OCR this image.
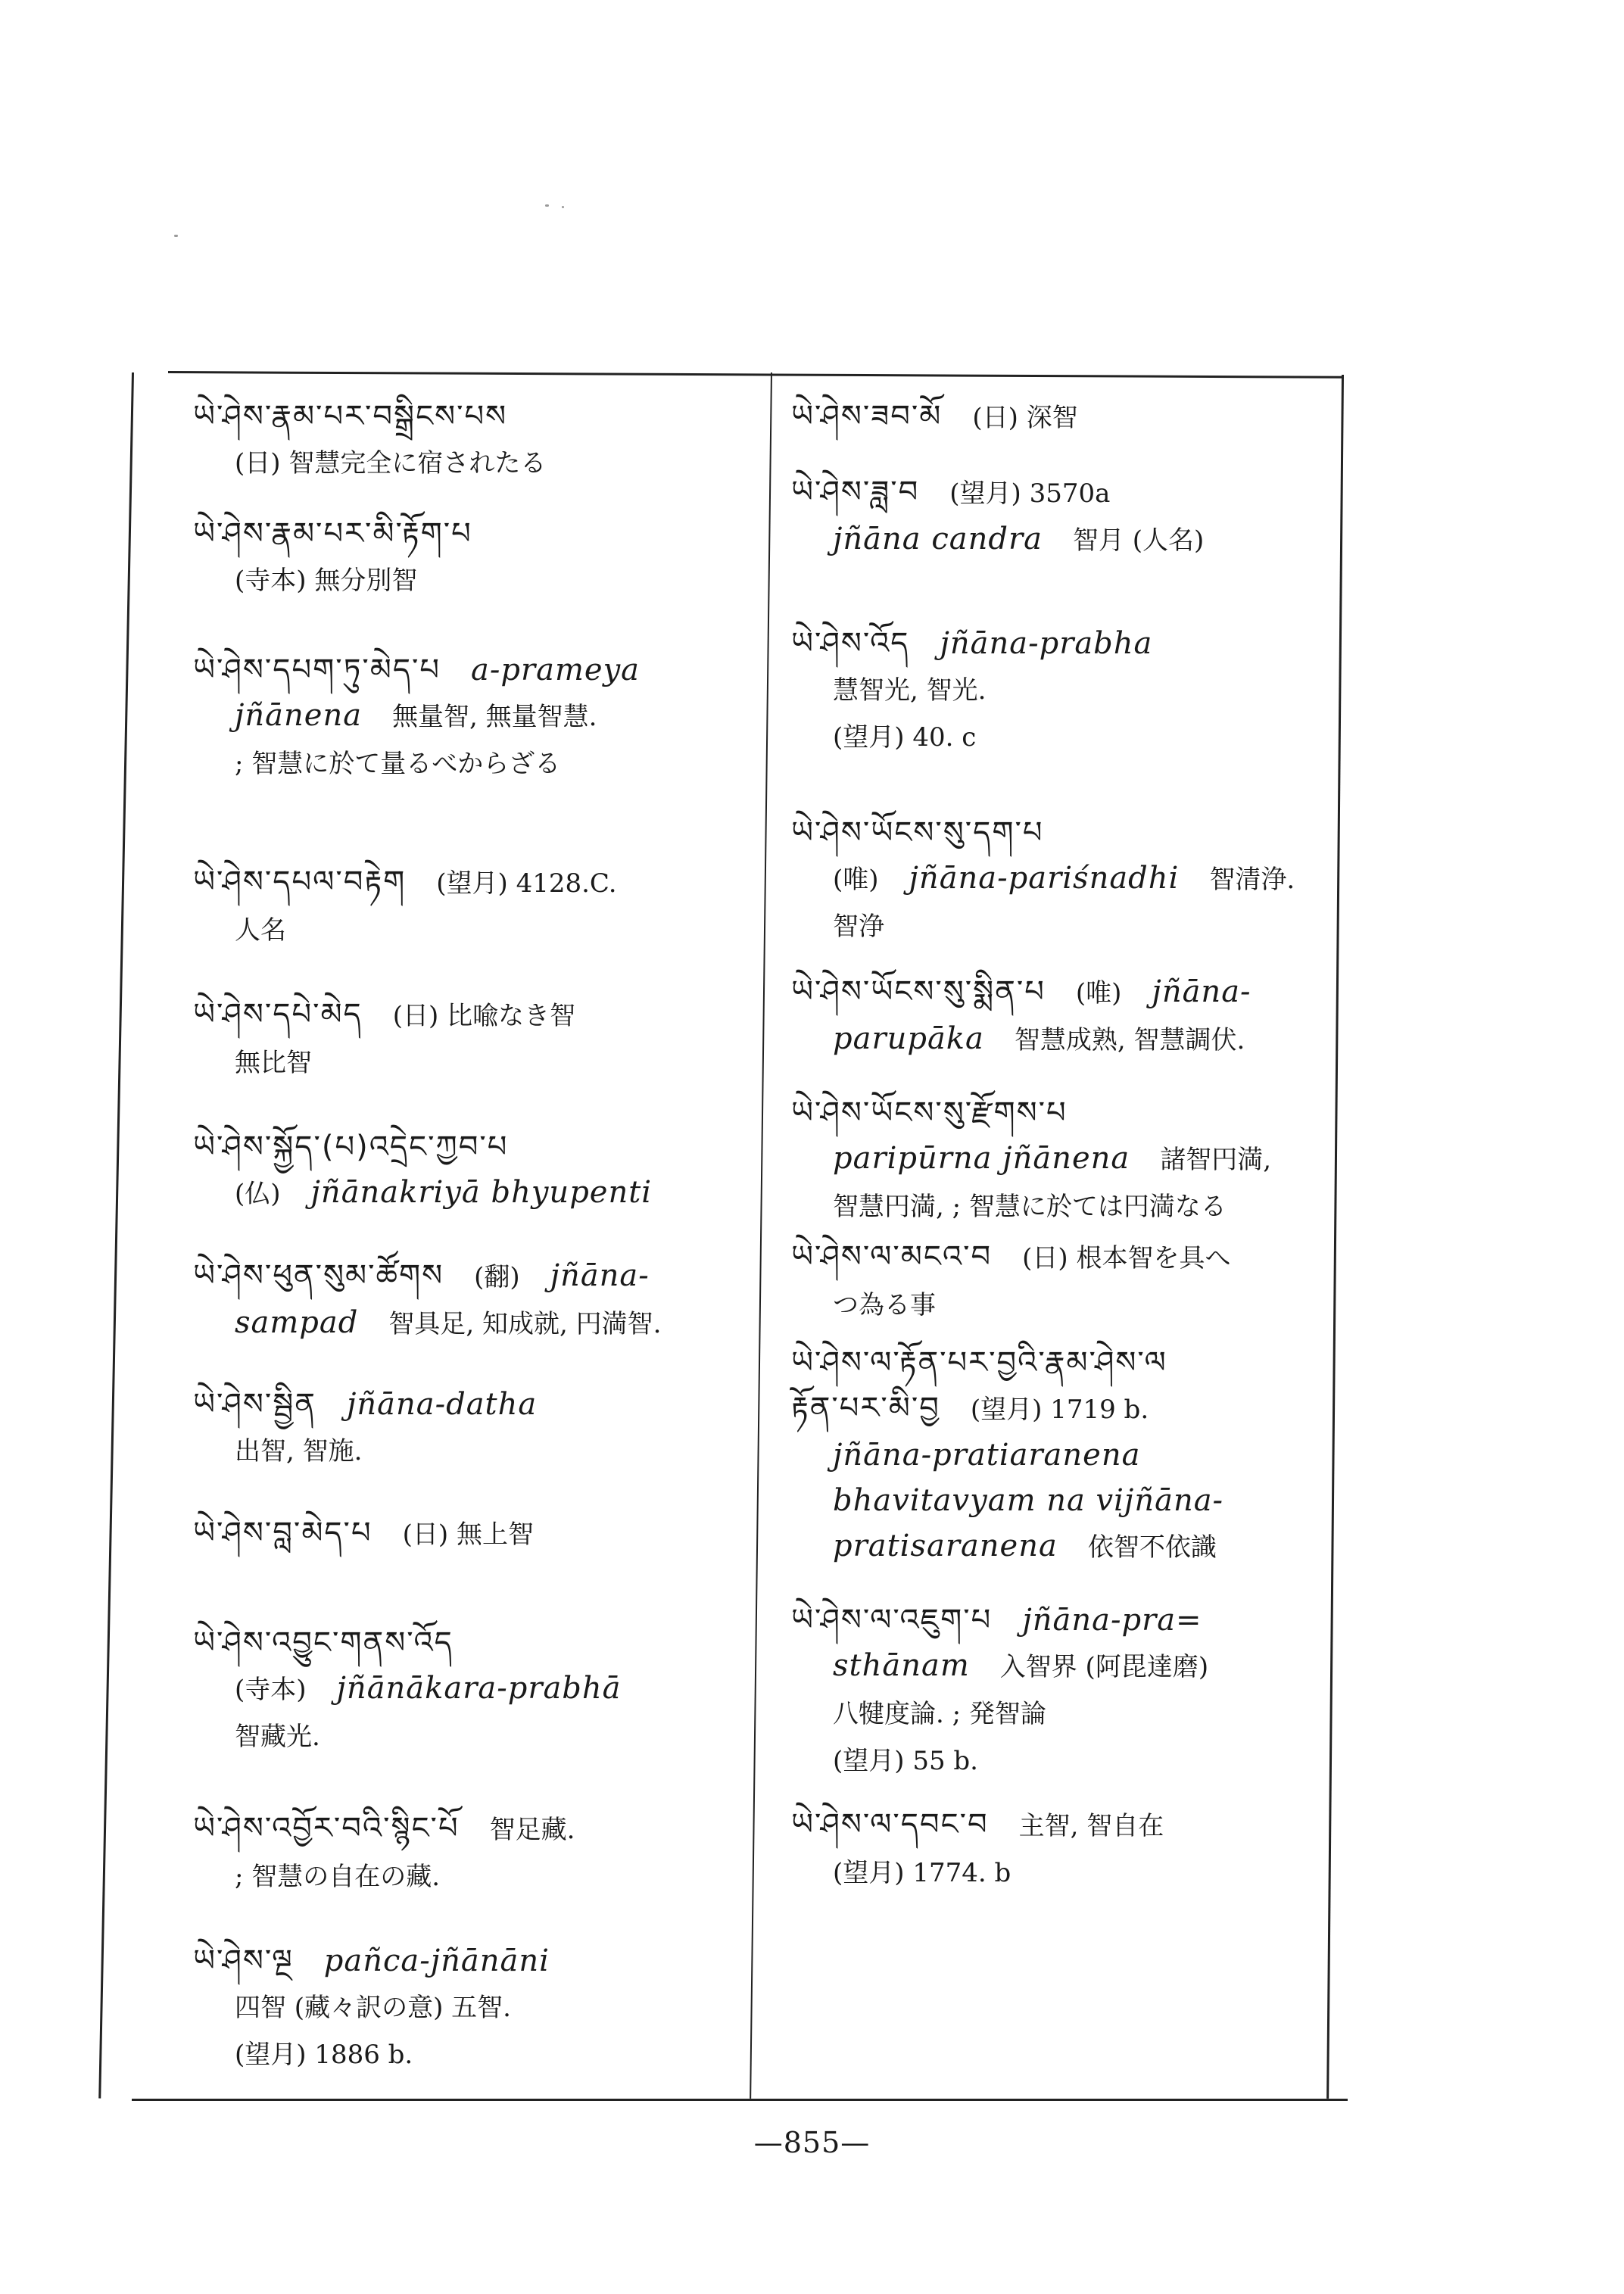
ཡེ་ཤེས་རྣམ་པར་བསྒྲིངས་པས
(日) 智慧完全に宿されたる
ཡེ་ཤེས་རྣམ་པར་མི་རྟོག་པ
(寺本) 無分別智
ཡེ་ཤེས་དཔག་ཏུ་མེད་པ a-prameya
jñānena 無量智, 無量智慧.
; 智慧に於て量るべからざる
ཡེ་ཤེས་དཔལ་བརྟེག (望月) 4128.C.
人名
ཡེ་ཤེས་དཔེ་མེད (日) 比喩なき智
無比智
ཡེ་ཤེས་སྐྱོད་(པ)འདྲེང་ཀྱབ་པ
(仏) jñānakriyā bhyupenti
ཡེ་ཤེས་ཕུན་སུམ་ཚོགས (翻) jñāna-
sampad 智具足, 知成就, 円満智.
ཡེ་ཤེས་སྦྱིན jñāna-datha
出智, 智施.
ཡེ་ཤེས་བླ་མེད་པ (日) 無上智
ཡེ་ཤེས་འབྱུང་གནས་འོད
(寺本) jñānākara-prabhā
智藏光.
ཡེ་ཤེས་འབྱོར་བའི་སྙིང་པོ 智足藏.
; 智慧の自在の藏.
ཡེ་ཤེས་ལྔ pañca-jñānāni
四智 (藏々訳の意) 五智.
(望月) 1886 b.
ཡེ་ཤེས་ཟབ་མོ (日) 深智
ཡེ་ཤེས་ཟླ་བ (望月) 3570a
jñāna candra 智月 (人名)
ཡེ་ཤེས་འོད jñāna-prabha
慧智光, 智光.
(望月) 40. c
ཡེ་ཤེས་ཡོངས་སུ་དག་པ
(唯) jñāna-pariśnadhi 智清浄.
智浄
ཡེ་ཤེས་ཡོངས་སུ་སྨིན་པ (唯) jñāna-
parupāka 智慧成熟, 智慧調伏.
ཡེ་ཤེས་ཡོངས་སུ་རྫོགས་པ
paripūrna jñānena 諸智円満,
智慧円満, ; 智慧に於ては円満なる
ཡེ་ཤེས་ལ་མངའ་བ (日) 根本智を具へ
つ為る事
ཡེ་ཤེས་ལ་རྟོན་པར་བྱའི་རྣམ་ཤེས་ལ
རྟོན་པར་མི་བྱ (望月) 1719 b.
jñāna-pratiaranena
bhavitavyam na vijñāna-
pratisaranena 依智不依識
ཡེ་ཤེས་ལ་འཇུག་པ jñāna-pra=
sthānam 入智界 (阿毘達磨)
八犍度論. ; 発智論
(望月) 55 b.
ཡེ་ཤེས་ལ་དབང་བ 主智, 智自在
(望月) 1774. b
—855—
